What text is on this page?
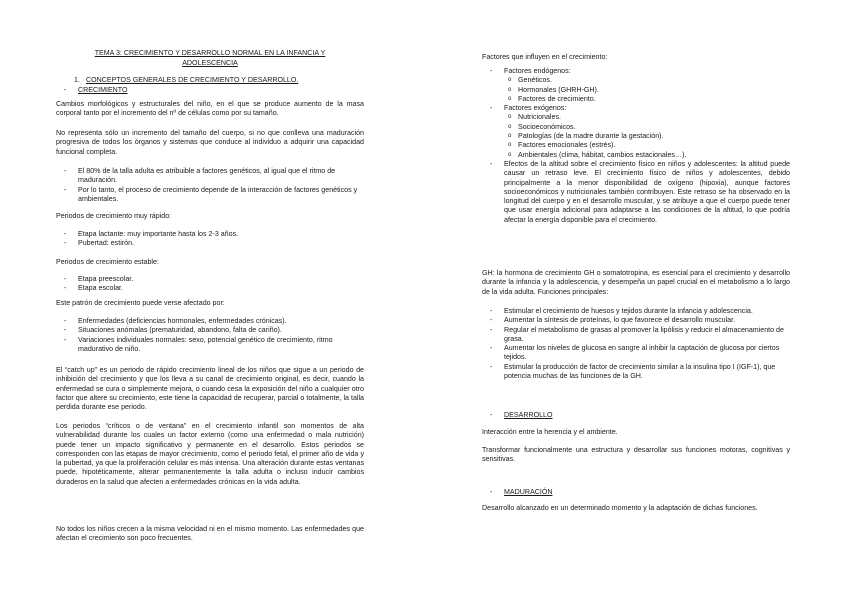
TEMA 3: CRECIMIENTO Y DESARROLLO NORMAL EN LA INFANCIA Y

ADOLESCENCIA

1. CONCEPTOS GENERALES DE CRECIMIENTO Y DESARROLLO.

- CRECIMIENTO

Cambios morfológicos y estructurales del niño, en el que se produce aumento de la masa corporal tanto por el incremento del nº de células como por su tamaño.

No representa sólo un incremento del tamaño del cuerpo, si no que conlleva una maduración progresiva de todos los órganos y sistemas que conduce al individuo a adquirir una capacidad funcional completa.

- El 80% de la talla adulta es atribuible a factores genéticos, al igual que el ritmo de maduración.
- Por lo tanto, el proceso de crecimiento depende de la interacción de factores genéticos y ambientales.

Periodos de crecimiento muy rápido:

- Etapa lactante: muy importante hasta los 2-3 años.
- Pubertad: estirón.

Periodos de crecimiento estable:

- Etapa preescolar.
- Etapa escolar.

Este patrón de crecimiento puede verse afectado por:

- Enfermedades (deficiencias hormonales, enfermedades crónicas).
- Situaciones anómalas (prematuridad, abandono, falta de cariño).
- Variaciones individuales normales: sexo, potencial genético de crecimiento, ritmo madurativo de niño.

El “catch up” es un periodo de rápido crecimiento lineal de los niños que sigue a un periodo de inhibición del crecimiento y que los lleva a su canal de crecimiento original, es decir, cuando la enfermedad se cura o simplemente mejora, o cuando cesa la exposición del niño a cualquier otro factor que altere su crecimiento, este tiene la capacidad de recuperar, parcial o totalmente, la talla perdida durante ese periodo.

Los periodos “críticos o de ventana” en el crecimiento infantil son momentos de alta vulnerabilidad durante los cuales un factor externo (como una enfermedad o mala nutrición) puede tener un impacto significativo y permanente en el desarrollo. Estos periodos se corresponden con las etapas de mayor crecimiento, como el periodo fetal, el primer año de vida y la pubertad, ya que la proliferación celular es más intensa. Una alteración durante estas ventanas puede, hipotéticamente, alterar permanentemente la talla adulta o incluso inducir cambios duraderos en la salud que afecten a enfermedades crónicas en la vida adulta.

No todos los niños crecen a la misma velocidad ni en el mismo momento. Las enfermedades que afectan el crecimiento son poco frecuentes.

Factores que influyen en el crecimiento:

- Factores endógenos:
o Genéticos.
o Hormonales (GHRH-GH).
o Factores de crecimiento.
- Factores exógenos:
o Nutricionales.
o Socioeconómicos.
o Patologías (de la madre durante la gestación).
o Factores emocionales (estrés).
o Ambientales (clima, hábitat, cambios estacionales…).
- Efectos de la altitud sobre el crecimiento físico en niños y adolescentes: la altitud puede causar un retraso leve. El crecimiento físico de niños y adolescentes, debido principalmente a la menor disponibilidad de oxígeno (hipoxia), aunque factores socioeconómicos y nutricionales también contribuyen. Este retraso se ha observado en la longitud del cuerpo y en el desarrollo muscular, y se atribuye a que el cuerpo puede tener que usar energía adicional para adaptarse a las condiciones de la altitud, lo que podría afectar la energía disponible para el crecimiento.

GH: la hormona de crecimiento GH o somatotropina, es esencial para el crecimiento y desarrollo durante la infancia y la adolescencia, y desempeña un papel crucial en el metabolismo a lo largo de la vida adulta. Funciones principales:

- Estimular el crecimiento de huesos y tejidos durante la infancia y adolescencia.
- Aumentar la síntesis de proteínas, lo que favorece el desarrollo muscular.
- Regular el metabolismo de grasas al promover la lipólisis y reducir el almacenamiento de grasa.
- Aumentar los niveles de glucosa en sangre al inhibir la captación de glucosa por ciertos tejidos.
- Estimular la producción de factor de crecimiento similar a la insulina tipo I (IGF-1), que potencia muchas de las funciones de la GH.

- DESARROLLO

Interacción entre la herencia y el ambiente.

Transformar funcionalmente una estructura y desarrollar sus funciones motoras, cognitivas y sensitivas.

- MADURACIÓN

Desarrollo alcanzado en un determinado momento y la adaptación de dichas funciones.
